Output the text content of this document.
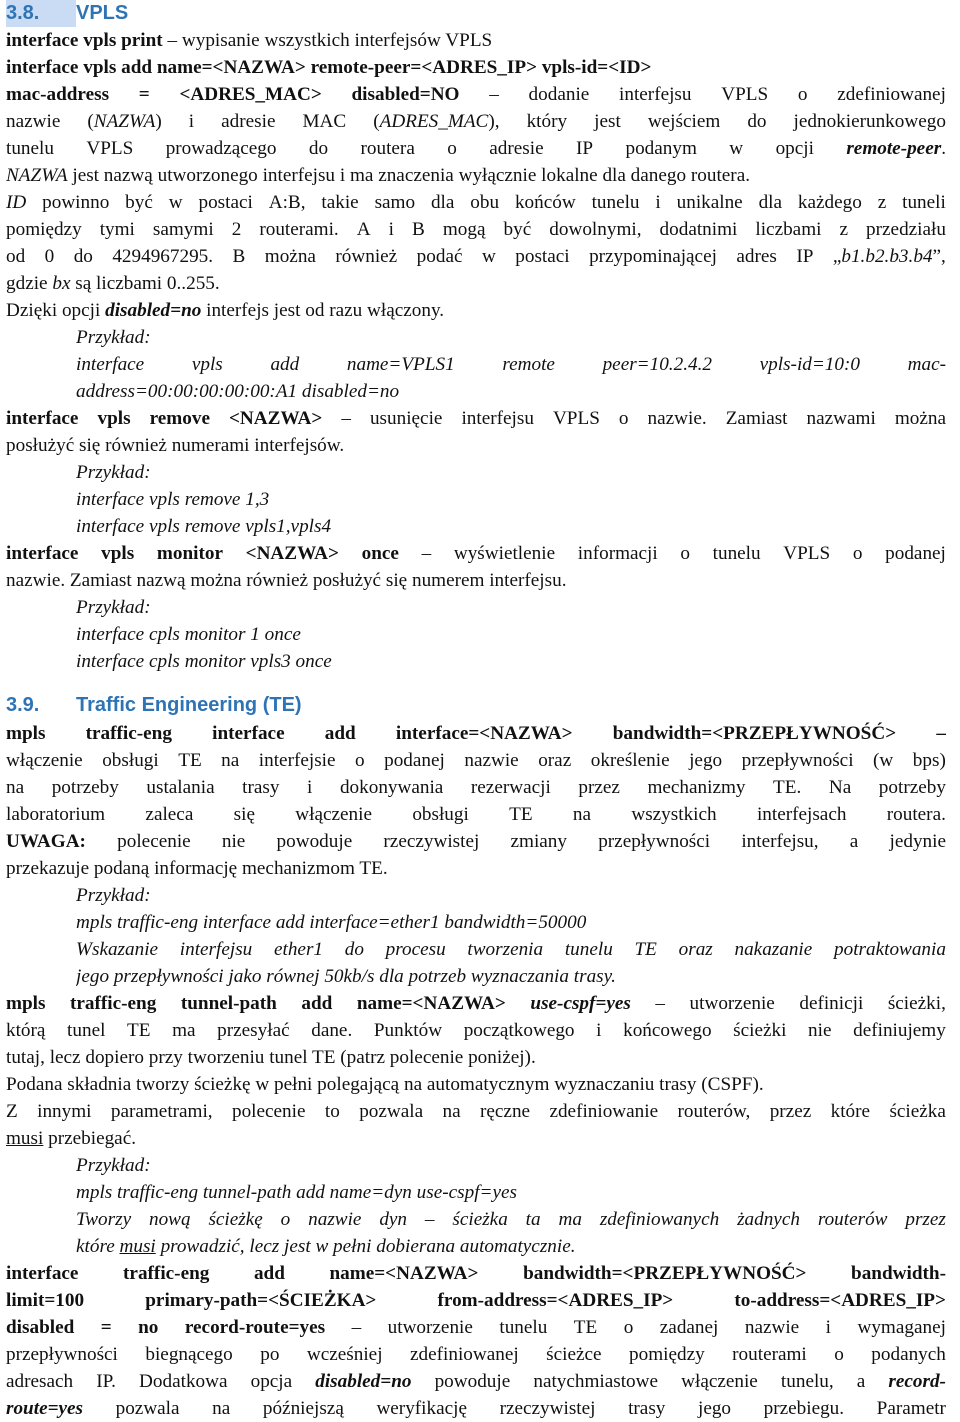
3.8. VPLS
3.9. Traffic Engineering (TE)
interface vpls print – wypisanie wszystkich interfejsów VPLS
interface vpls add name=<NAZWA> remote-peer=<ADRES_IP> vpls-id=<ID>
mac-address = <ADRES_MAC> disabled=NO – dodanie interfejsu VPLS o zdefiniowanej
nazwie (NAZWA) i adresie MAC (ADRES_MAC), który jest wejściem do jednokierunkowego
tunelu VPLS prowadzącego do routera o adresie IP podanym w opcji remote-peer.
NAZWA jest nazwą utworzonego interfejsu i ma znaczenia wyłącznie lokalne dla danego routera.
ID powinno być w postaci A:B, takie samo dla obu końców tunelu i unikalne dla każdego z tuneli
pomiędzy tymi samymi 2 routerami. A i B mogą być dowolnymi, dodatnimi liczbami z przedziału
od 0 do 4294967295. B można również podać w postaci przypominającej adres IP „b1.b2.b3.b4”,
gdzie bx są liczbami 0..255.
Dzięki opcji disabled=no interfejs jest od razu włączony.
Przykład:
interface vpls add name=VPLS1 remote peer=10.2.4.2 vpls-id=10:0 mac-
address=00:00:00:00:00:A1 disabled=no
interface vpls remove <NAZWA> – usunięcie interfejsu VPLS o nazwie. Zamiast nazwami można
posłużyć się również numerami interfejsów.
Przykład:
interface vpls remove 1,3
interface vpls remove vpls1,vpls4
interface vpls monitor <NAZWA> once – wyświetlenie informacji o tunelu VPLS o podanej
nazwie. Zamiast nazwą można również posłużyć się numerem interfejsu.
Przykład:
interface cpls monitor 1 once
interface cpls monitor vpls3 once
mpls traffic-eng interface add interface=<NAZWA> bandwidth=<PRZEPŁYWNOŚĆ> –
włączenie obsługi TE na interfejsie o podanej nazwie oraz określenie jego przepływności (w bps)
na potrzeby ustalania trasy i dokonywania rezerwacji przez mechanizmy TE. Na potrzeby
laboratorium zaleca się włączenie obsługi TE na wszystkich interfejsach routera.
UWAGA: polecenie nie powoduje rzeczywistej zmiany przepływności interfejsu, a jedynie
przekazuje podaną informację mechanizmom TE.
Przykład:
mpls traffic-eng interface add interface=ether1 bandwidth=50000
Wskazanie interfejsu ether1 do procesu tworzenia tunelu TE oraz nakazanie potraktowania
jego przepływności jako równej 50kb/s dla potrzeb wyznaczania trasy.
mpls traffic-eng tunnel-path add name=<NAZWA> use-cspf=yes – utworzenie definicji ścieżki,
którą tunel TE ma przesyłać dane. Punktów początkowego i końcowego ścieżki nie definiujemy
tutaj, lecz dopiero przy tworzeniu tunel TE (patrz polecenie poniżej).
Podana składnia tworzy ścieżkę w pełni polegającą na automatycznym wyznaczaniu trasy (CSPF).
Z innymi parametrami, polecenie to pozwala na ręczne zdefiniowanie routerów, przez które ścieżka
musi przebiegać.
Przykład:
mpls traffic-eng tunnel-path add name=dyn use-cspf=yes
Tworzy nową ścieżkę o nazwie dyn – ścieżka ta ma zdefiniowanych żadnych routerów przez
które musi prowadzić, lecz jest w pełni dobierana automatycznie.
interface traffic-eng add name=<NAZWA> bandwidth=<PRZEPŁYWNOŚĆ> bandwidth-
limit=100	primary-path=<ŚCIEŻKA>	from-address=<ADRES_IP>	to-address=<ADRES_IP>
disabled = no record-route=yes – utworzenie tunelu TE o zadanej nazwie i wymaganej
przepływności biegnącego po wcześniej zdefiniowanej ścieżce pomiędzy routerami o podanych
adresach IP. Dodatkowa opcja disabled=no powoduje natychmiastowe włączenie tunelu, a record-
route=yes pozwala na późniejszą weryfikację rzeczywistej trasy jego przebiegu. Parametr
